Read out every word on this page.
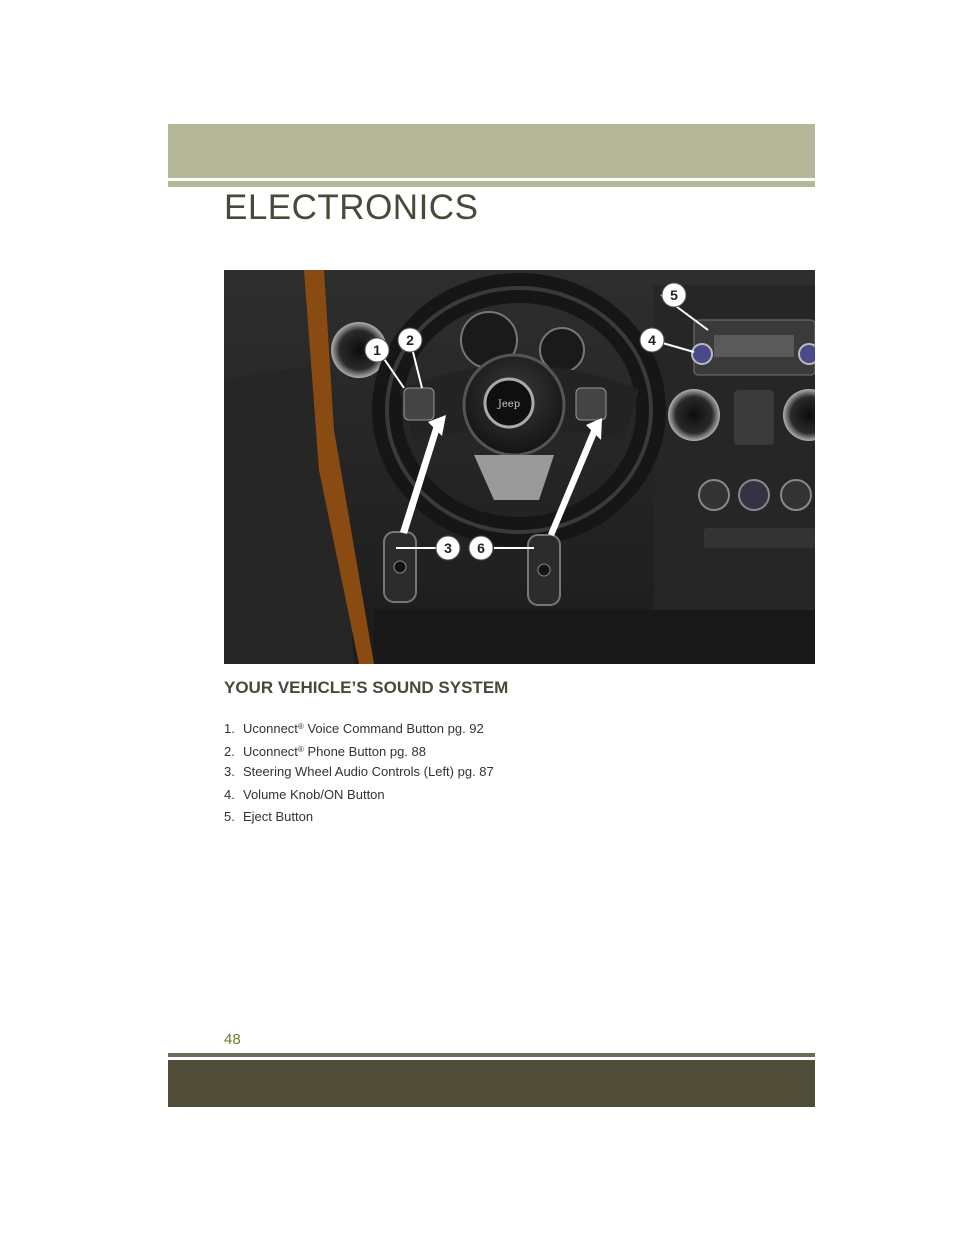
ELECTRONICS
Jeep
1
2
3
4
5
6
YOUR VEHICLE’S SOUND SYSTEM
1. Uconnect® Voice Command Button pg. 92
2. Uconnect® Phone Button pg. 88
3. Steering Wheel Audio Controls (Left) pg. 87
4. Volume Knob/ON Button
5. Eject Button
48
